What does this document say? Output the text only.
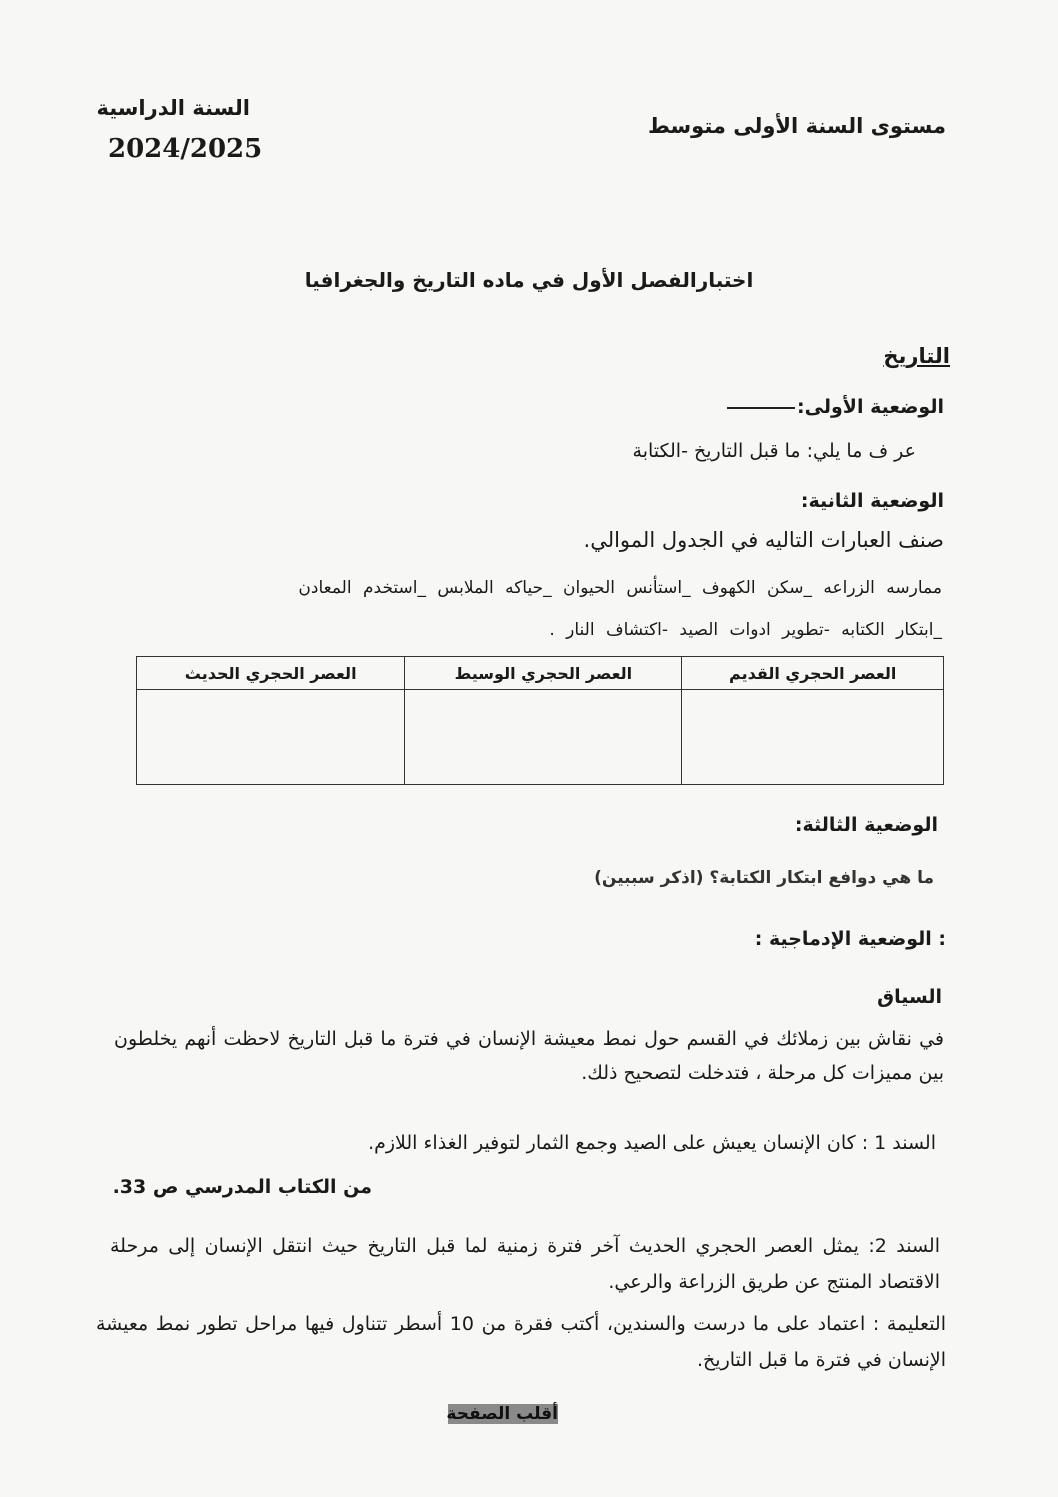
السنة الدراسية
2024/2025
مستوى السنة الأولى متوسط
اختبارالفصل الأول في ماده التاريخ والجغرافيا
التاريخ
الوضعية الأولى:
عر ف ما يلي: ما قبل التاريخ -الكتابة
الوضعية الثانية:
صنف العبارات التاليه في الجدول الموالي.
ممارسه الزراعه _سكن الكهوف _استأنس الحيوان _حياكه الملابس _استخدم المعادن
_ابتكار الكتابه -تطوير ادوات الصيد -اكتشاف النار .
العصر الحجري القديم	العصر الحجري الوسيط	العصر الحجري الحديث

الوضعية الثالثة:
ما هي دوافع ابتكار الكتابة؟ (اذكر سببين)
: الوضعية الإدماجية :
السياق
في نقاش بين زملائك في القسم حول نمط معيشة الإنسان في فترة ما قبل التاريخ لاحظت أنهم يخلطون بين مميزات كل مرحلة ، فتدخلت لتصحيح ذلك.
السند 1 : كان الإنسان يعيش على الصيد وجمع الثمار لتوفير الغذاء اللازم.
من الكتاب المدرسي ص 33.
السند 2: يمثل العصر الحجري الحديث آخر فترة زمنية لما قبل التاريخ حيث انتقل الإنسان إلى مرحلة الاقتصاد المنتج عن طريق الزراعة والرعي.
التعليمة : اعتماد على ما درست والسندين، أكتب فقرة من 10 أسطر تتناول فيها مراحل تطور نمط معيشة الإنسان في فترة ما قبل التاريخ.
أقلب الصفحة
